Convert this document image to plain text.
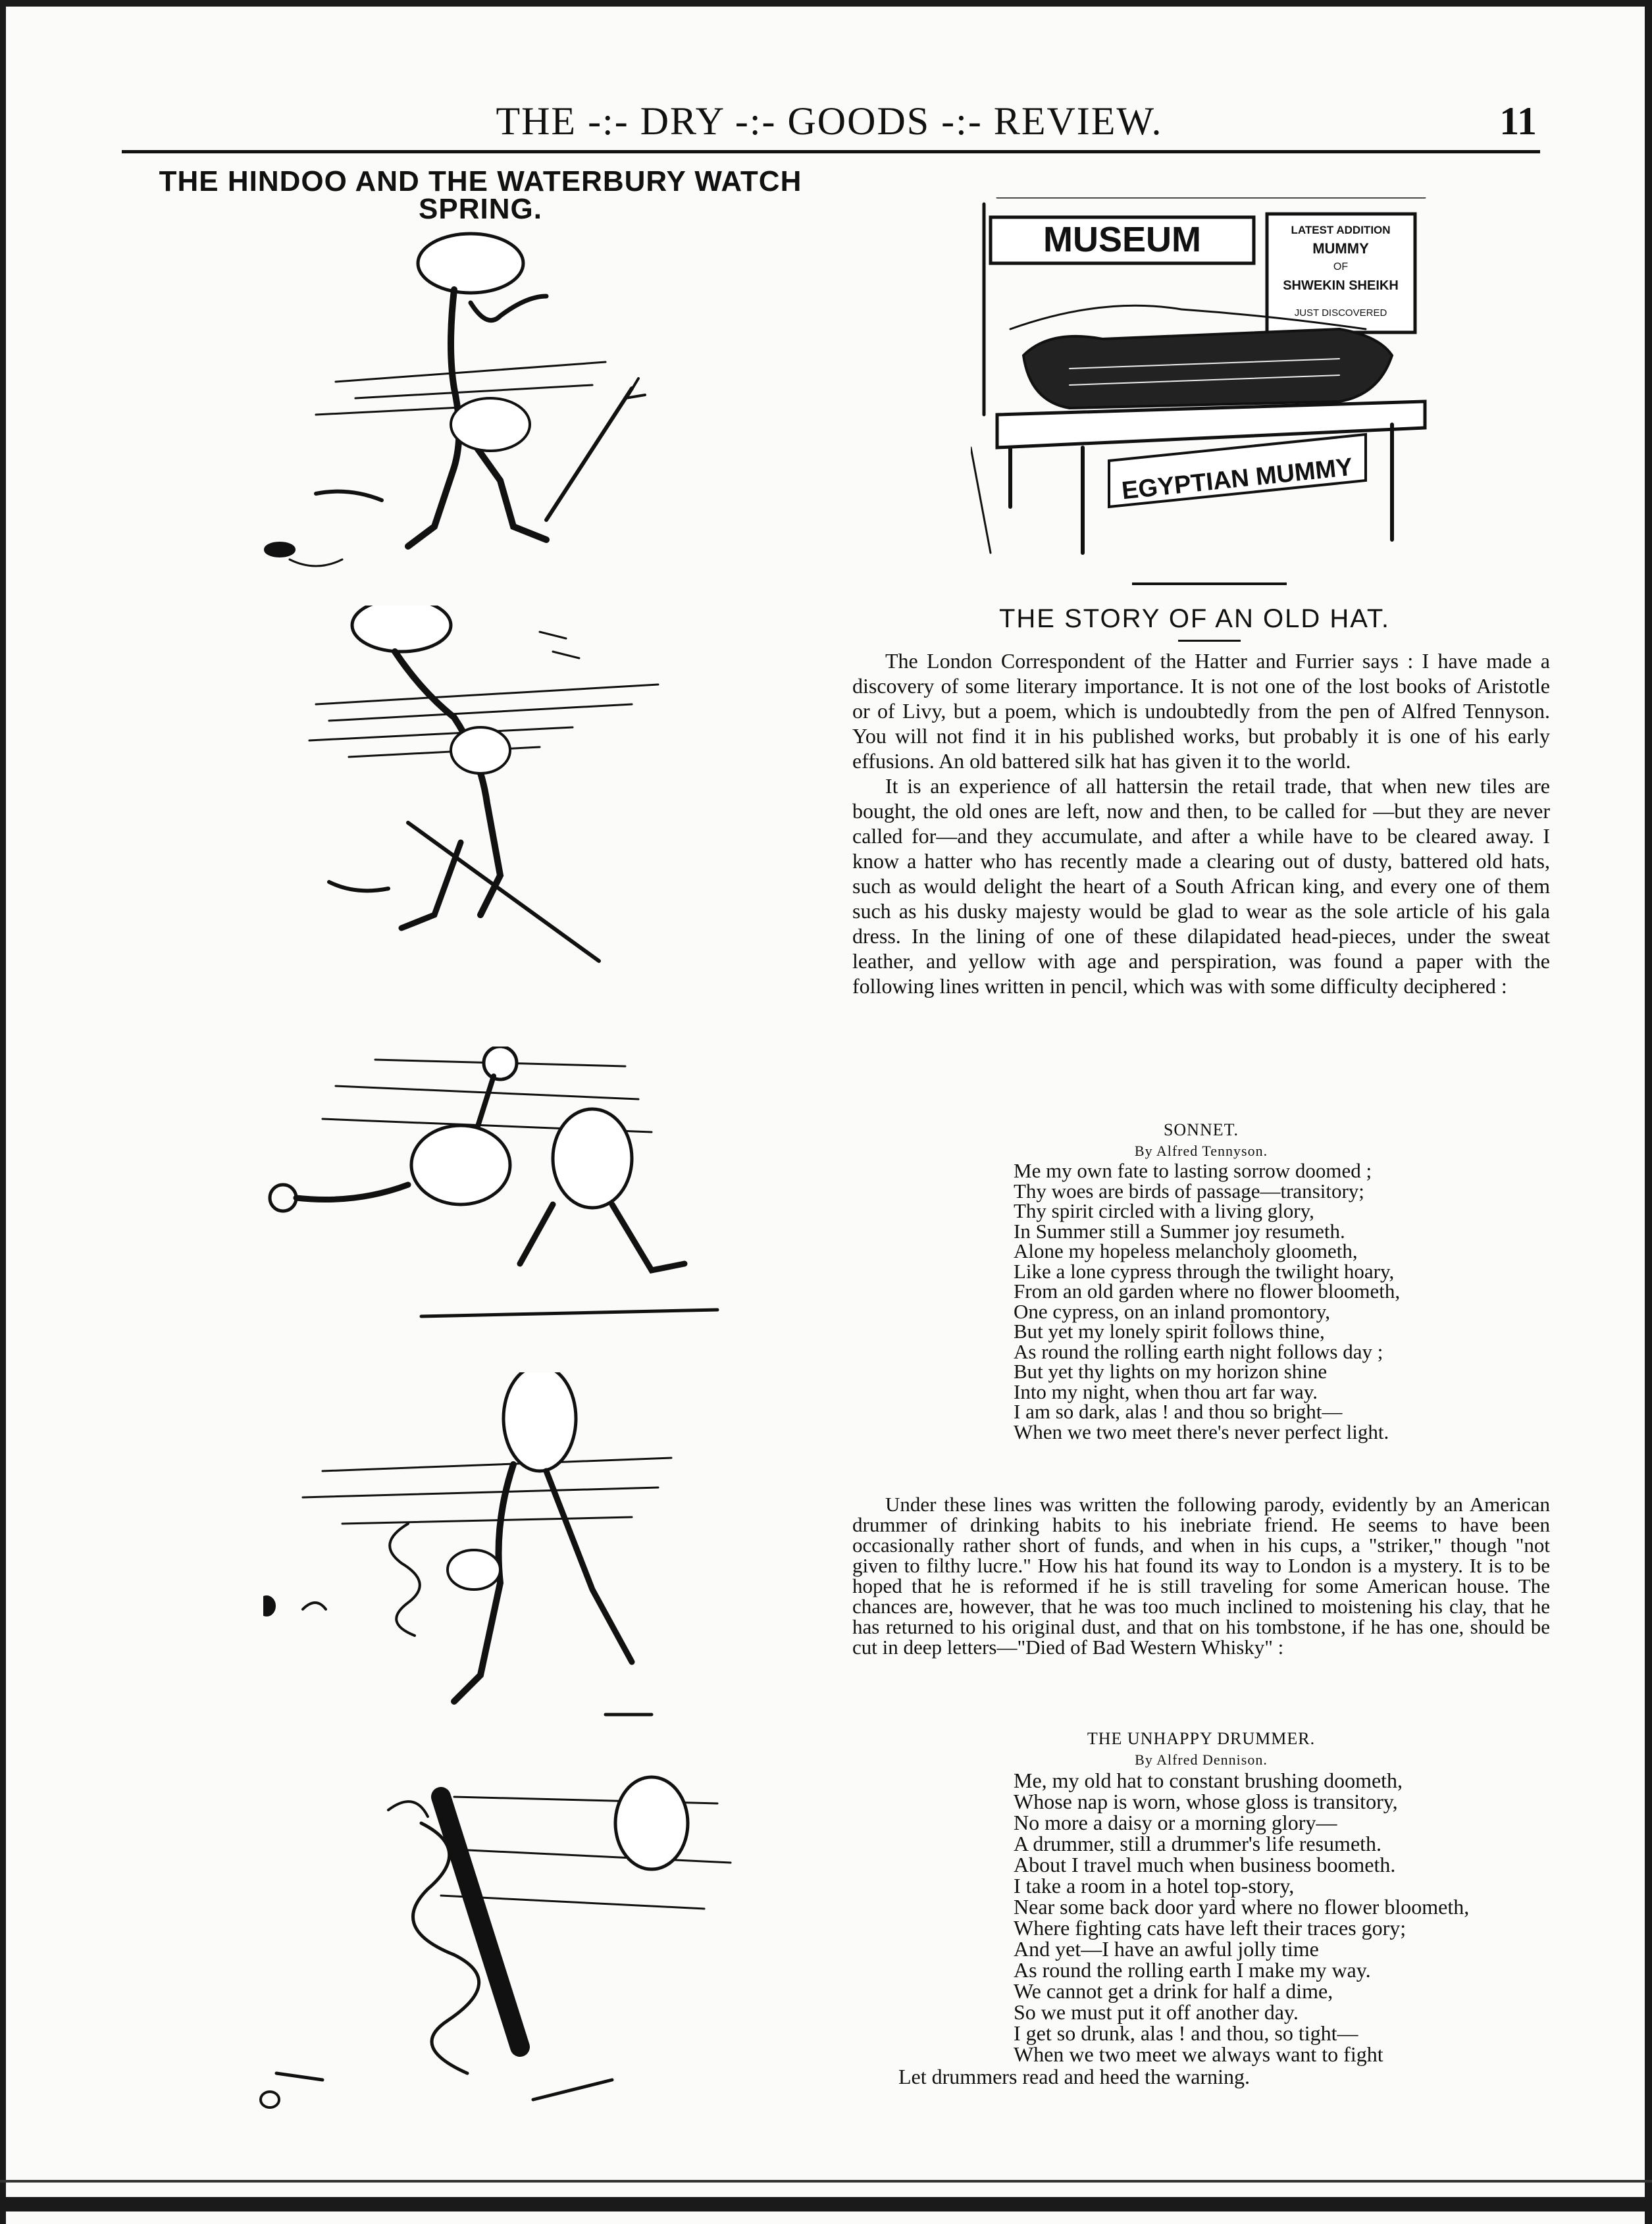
THE -:- DRY -:- GOODS -:- REVIEW.	11
THE HINDOO AND THE WATERBURY WATCH
SPRING.
MUSEUM	LATEST ADDITION
MUMMY
OF
SHWEKIN SHEIKH
JUST DISCOVERED
EGYPTIAN MUMMY
THE STORY OF AN OLD HAT.

The London Correspondent of the Hatter and Furrier says : I have made a discovery of some literary importance. It is not one of the lost books of Aristotle or of Livy, but a poem, which is undoubtedly from the pen of Alfred Tennyson. You will not find it in his published works, but probably it is one of his early effusions. An old battered silk hat has given it to the world.

It is an experience of all hattersin the retail trade, that when new tiles are bought, the old ones are left, now and then, to be called for —but they are never called for—and they accumulate, and after a while have to be cleared away. I know a hatter who has recently made a clearing out of dusty, battered old hats, such as would delight the heart of a South African king, and every one of them such as his dusky majesty would be glad to wear as the sole article of his gala dress. In the lining of one of these dilapidated head-pieces, under the sweat leather, and yellow with age and perspiration, was found a paper with the following lines written in pencil, which was with some difficulty deciphered :

SONNET.
By Alfred Tennyson.
Me my own fate to lasting sorrow doomed ;
Thy woes are birds of passage—transitory;
Thy spirit circled with a living glory,
In Summer still a Summer joy resumeth.
Alone my hopeless melancholy gloometh,
Like a lone cypress through the twilight hoary,
From an old garden where no flower bloometh,
One cypress, on an inland promontory,
But yet my lonely spirit follows thine,
As round the rolling earth night follows day ;
But yet thy lights on my horizon shine
Into my night, when thou art far way.
I am so dark, alas ! and thou so bright—
When we two meet there's never perfect light.

Under these lines was written the following parody, evidently by an American drummer of drinking habits to his inebriate friend. He seems to have been occasionally rather short of funds, and when in his cups, a "striker," though "not given to filthy lucre." How his hat found its way to London is a mystery. It is to be hoped that he is reformed if he is still traveling for some American house. The chances are, however, that he was too much inclined to moistening his clay, that he has returned to his original dust, and that on his tombstone, if he has one, should be cut in deep letters—"Died of Bad Western Whisky" :

THE UNHAPPY DRUMMER.
By Alfred Dennison.
Me, my old hat to constant brushing doometh,
Whose nap is worn, whose gloss is transitory,
No more a daisy or a morning glory—
A drummer, still a drummer's life resumeth.
About I travel much when business boometh.
I take a room in a hotel top-story,
Near some back door yard where no flower bloometh,
Where fighting cats have left their traces gory;
And yet—I have an awful jolly time
As round the rolling earth I make my way.
We cannot get a drink for half a dime,
So we must put it off another day.
I get so drunk, alas ! and thou, so tight—
When we two meet we always want to fight
Let drummers read and heed the warning.
